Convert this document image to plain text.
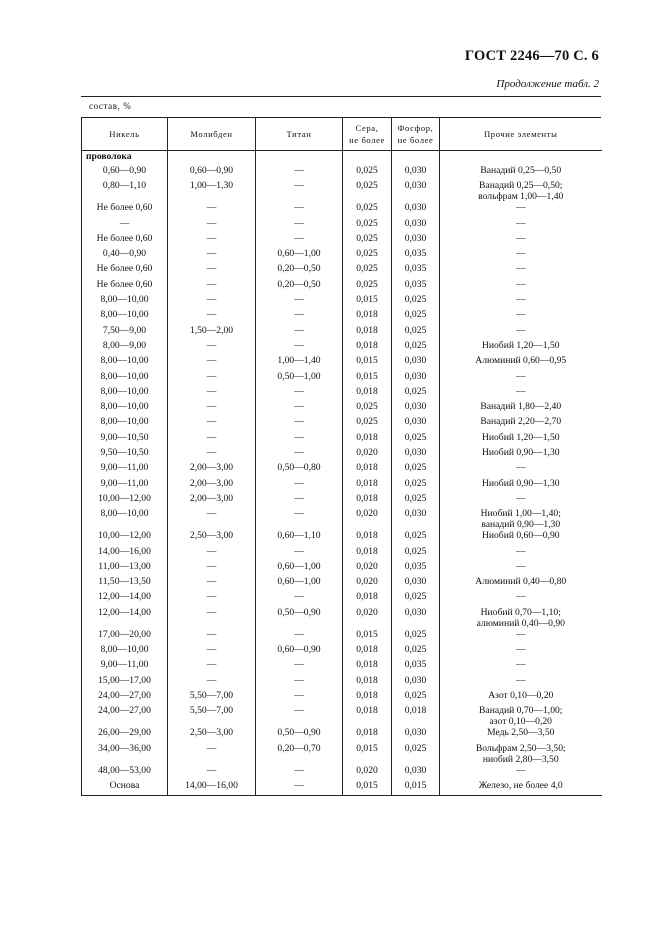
ГОСТ 2246—70 С. 6
Продолжение табл. 2
состав, %
Никель	Молибден	Титан	Сера,
не более	Фосфор,
не более	Прочие элементы
проволока					
0,60—0,90	0,60—0,90	—	0,025	0,030	Ванадий 0,25—0,50
0,80—1,10	1,00—1,30	—	0,025	0,030	Ванадий 0,25—0,50;
вольфрам 1,00—1,40
Не более 0,60	—	—	0,025	0,030	—
—	—	—	0,025	0,030	—
Не более 0,60	—	—	0,025	0,030	—
0,40—0,90	—	0,60—1,00	0,025	0,035	—
Не более 0,60	—	0,20—0,50	0,025	0,035	—
Не более 0,60	—	0,20—0,50	0,025	0,035	—
8,00—10,00	—	—	0,015	0,025	—
8,00—10,00	—	—	0,018	0,025	—
7,50—9,00	1,50—2,00	—	0,018	0,025	—
8,00—9,00	—	—	0,018	0,025	Ниобий 1,20—1,50
8,00—10,00	—	1,00—1,40	0,015	0,030	Алюминий 0,60—0,95
8,00—10,00	—	0,50—1,00	0,015	0,030	—
8,00—10,00	—	—	0,018	0,025	—
8,00—10,00	—	—	0,025	0,030	Ванадий 1,80—2,40
8,00—10,00	—	—	0,025	0,030	Ванадий 2,20—2,70
9,00—10,50	—	—	0,018	0,025	Ниобий 1,20—1,50
9,50—10,50	—	—	0,020	0,030	Ниобий 0,90—1,30
9,00—11,00	2,00—3,00	0,50—0,80	0,018	0,025	—
9,00—11,00	2,00—3,00	—	0,018	0,025	Ниобий 0,90—1,30
10,00—12,00	2,00—3,00	—	0,018	0,025	—
8,00—10,00	—	—	0,020	0,030	Ниобий 1,00—1,40;
ванадий 0,90—1,30
10,00—12,00	2,50—3,00	0,60—1,10	0,018	0,025	Ниобий 0,60—0,90
14,00—16,00	—	—	0,018	0,025	—
11,00—13,00	—	0,60—1,00	0,020	0,035	—
11,50—13,50	—	0,60—1,00	0,020	0,030	Алюминий 0,40—0,80
12,00—14,00	—	—	0,018	0,025	—
12,00—14,00	—	0,50—0,90	0,020	0,030	Ниобий 0,70—1,10;
алюминий 0,40—0,90
17,00—20,00	—	—	0,015	0,025	—
8,00—10,00	—	0,60—0,90	0,018	0,025	—
9,00—11,00	—	—	0,018	0,035	—
15,00—17,00	—	—	0,018	0,030	—
24,00—27,00	5,50—7,00	—	0,018	0,025	Азот 0,10—0,20
24,00—27,00	5,50—7,00	—	0,018	0,018	Ванадий 0,70—1,00;
азот 0,10—0,20
26,00—29,00	2,50—3,00	0,50—0,90	0,018	0,030	Медь 2,50—3,50
34,00—36,00	—	0,20—0,70	0,015	0,025	Вольфрам 2,50—3,50;
ниобий 2,80—3,50
48,00—53,00	—	—	0,020	0,030	—
Основа	14,00—16,00	—	0,015	0,015	Железо, не более 4,0
